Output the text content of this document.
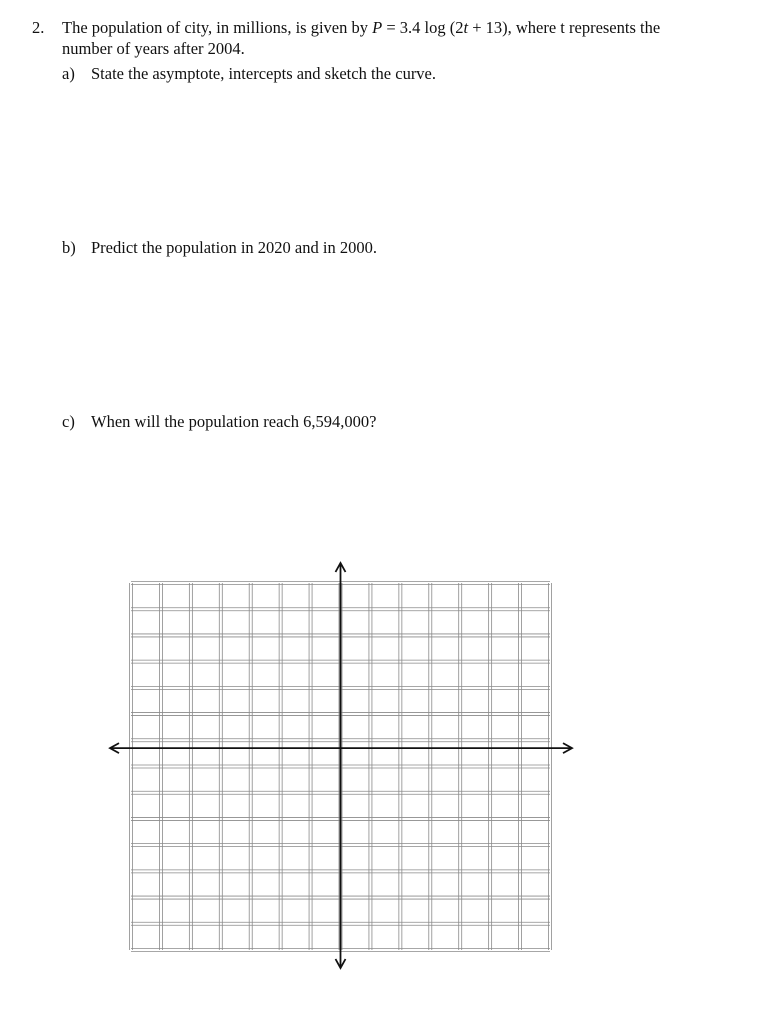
2. The population of city, in millions, is given by P = 3.4 log (2t + 13), where t represents the
number of years after 2004.
a) State the asymptote, intercepts and sketch the curve.
b) Predict the population in 2020 and in 2000.
c) When will the population reach 6,594,000?
